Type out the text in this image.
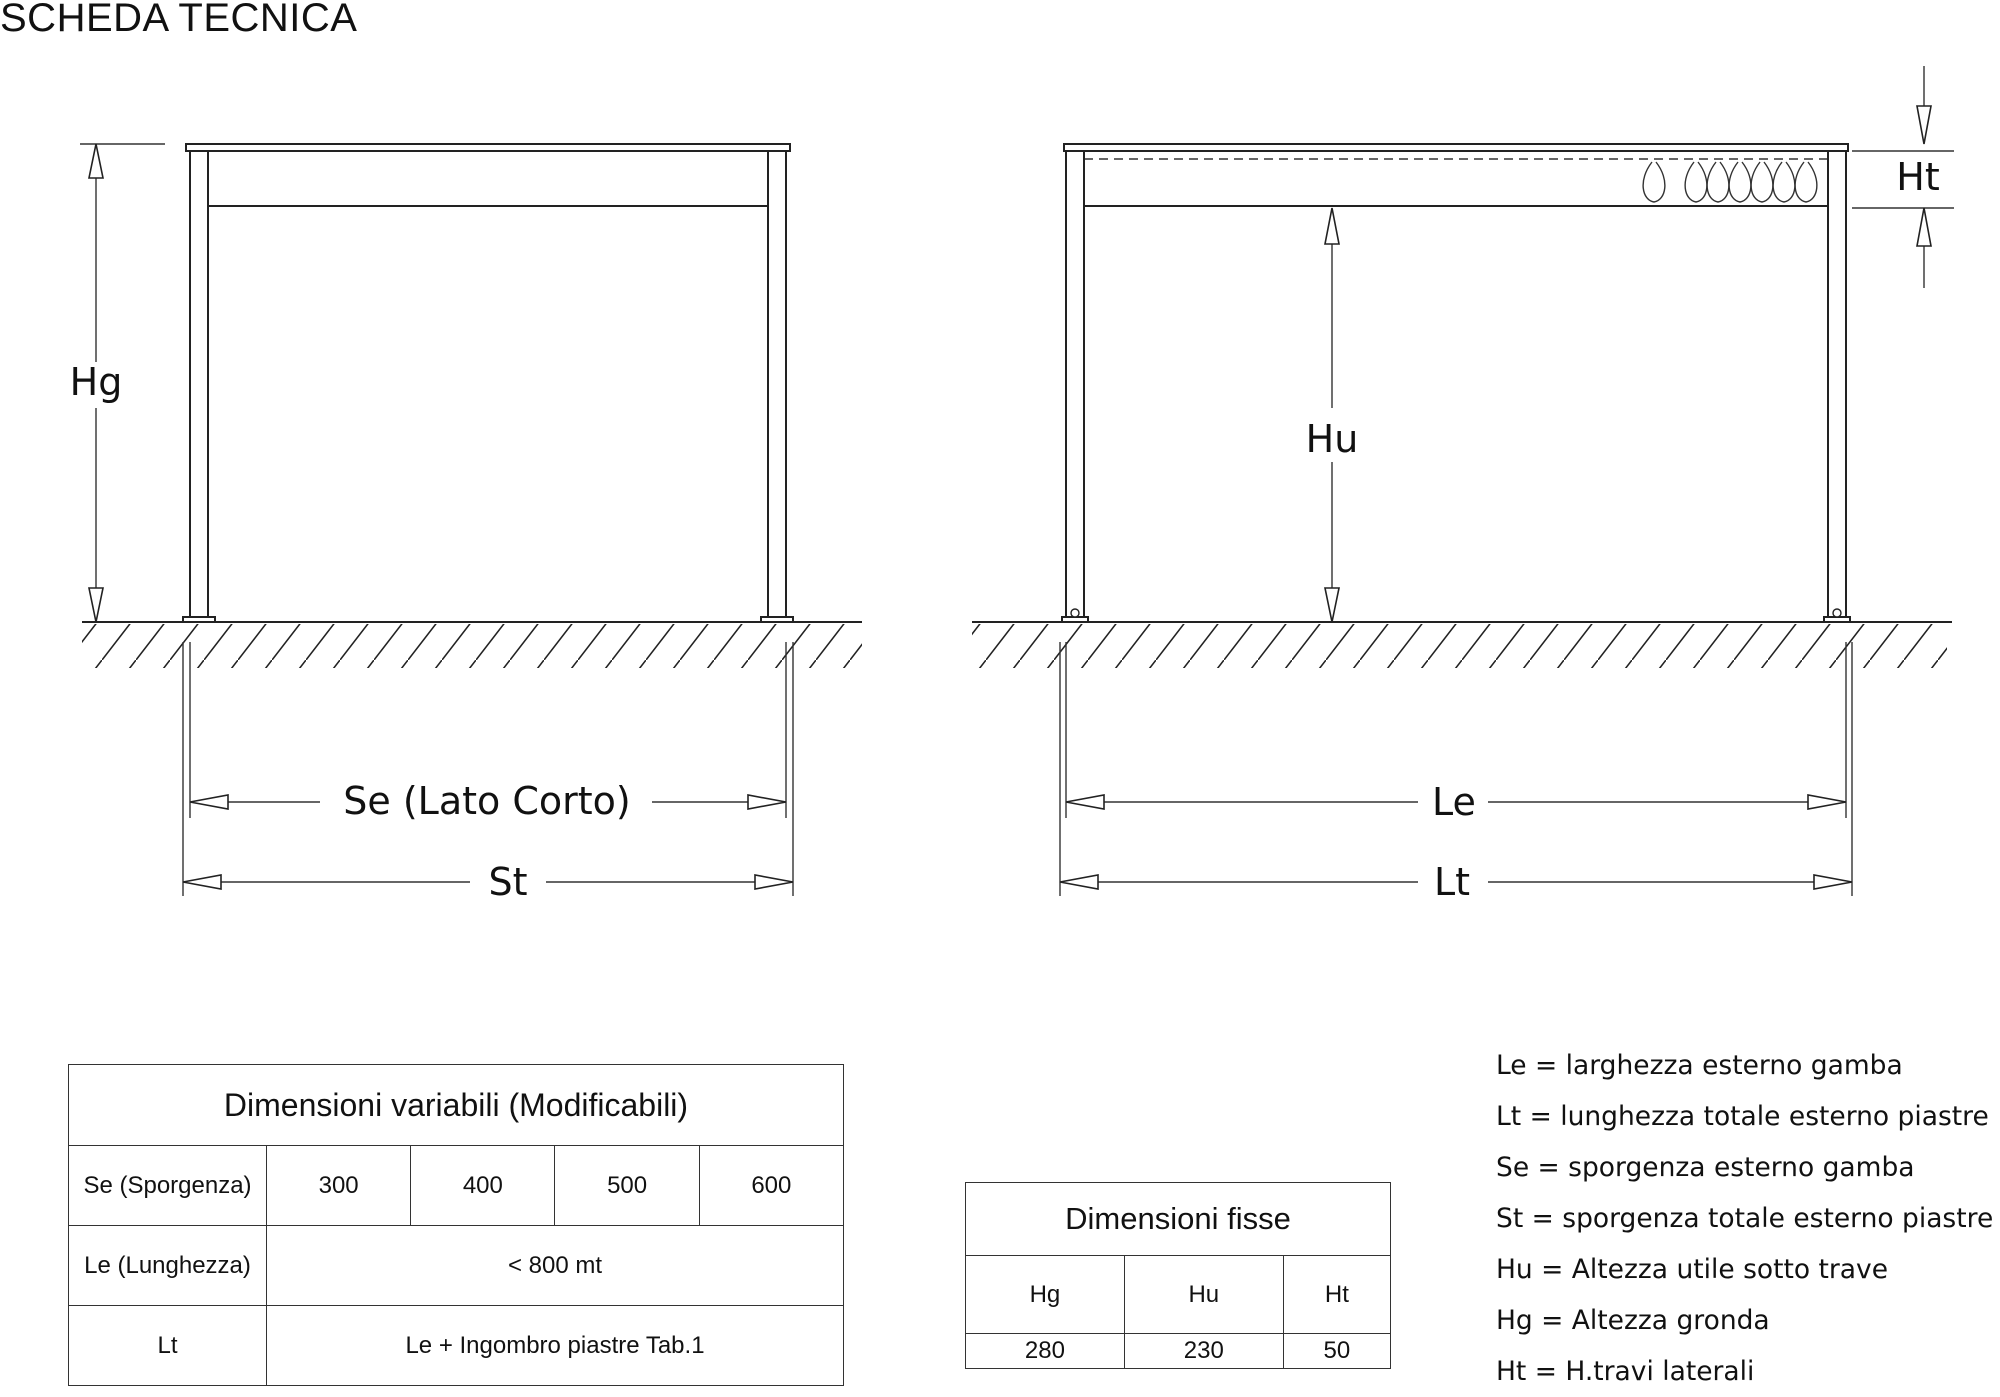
SCHEDA TECNICA
Hg
Se (Lato Corto)
St
Hu
Ht
Le
Lt
Dimensioni variabili (Modificabili)				
Se (Sporgenza)	300	400	500	600
Le (Lunghezza)	< 800 mt			
Lt	Le + Ingombro piastre Tab.1			
Dimensioni fisse		
Hg	Hu	Ht
280	230	50
Le = larghezza esterno gamba
Lt = lunghezza totale esterno piastre
Se = sporgenza esterno gamba
St = sporgenza totale esterno piastre
Hu = Altezza utile sotto trave
Hg = Altezza gronda
Ht = H.travi laterali
